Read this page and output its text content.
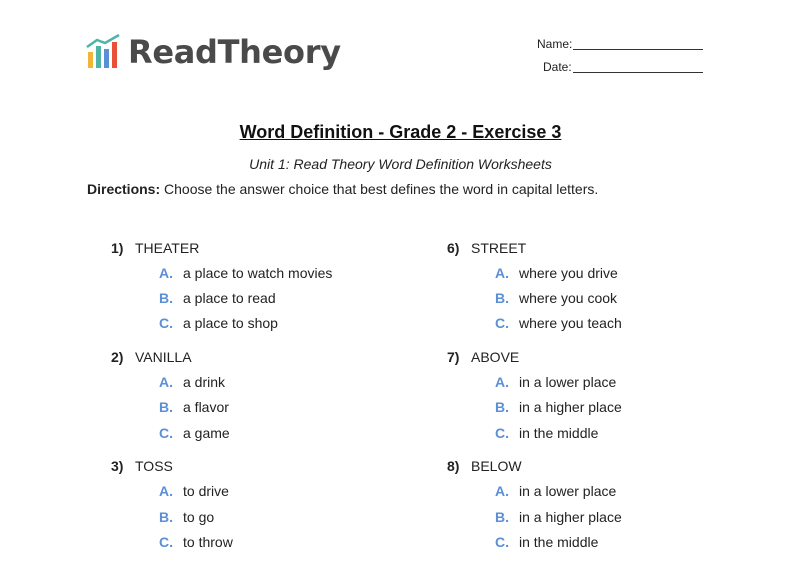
ReadTheory	Name:
Date:
Word Definition - Grade 2 - Exercise 3
Unit 1: Read Theory Word Definition Worksheets
Directions: Choose the answer choice that best defines the word in capital letters.
1) THEATER
A. a place to watch movies
B. a place to read
C. a place to shop
2) VANILLA
A. a drink
B. a flavor
C. a game
3) TOSS
A. to drive
B. to go
C. to throw
6) STREET
A. where you drive
B. where you cook
C. where you teach
7) ABOVE
A. in a lower place
B. in a higher place
C. in the middle
8) BELOW
A. in a lower place
B. in a higher place
C. in the middle
